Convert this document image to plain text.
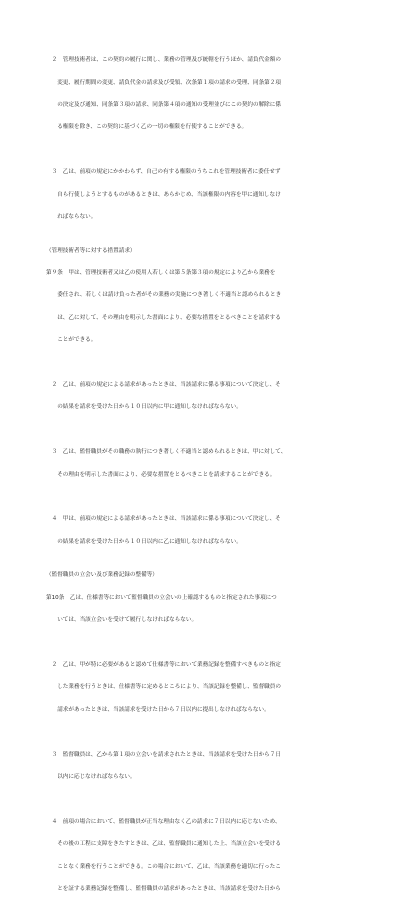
　２　管理技術者は、この契約の履行に関し、業務の管理及び統轄を行うほか、請負代金額の

　　変更、履行期間の変更、請負代金の請求及び受領、次条第１項の請求の受理、同条第２項

　　の決定及び通知、同条第３項の請求、同条第４項の通知の受理並びにこの契約の解除に係

　　る権限を除き、この契約に基づく乙の一切の権限を行使することができる。

　３　乙は、前項の規定にかかわらず、自己の有する権限のうちこれを管理技術者に委任せず

　　自ら行使しようとするものがあるときは、あらかじめ、当該権限の内容を甲に通知しなけ

　　ればならない。

（管理技術者等に対する措置請求）

第９条　甲は、管理技術者又は乙の使用人若しくは第５条第３項の規定により乙から業務を

　　委任され、若しくは請け負った者がその業務の実施につき著しく不適当と認められるとき

　　は、乙に対して、その理由を明示した書面により、必要な措置をとるべきことを請求する

　　ことができる。

　２　乙は、前項の規定による請求があったときは、当該請求に係る事項について決定し、そ

　　の結果を請求を受けた日から１０日以内に甲に通知しなければならない。

　３　乙は、監督職員がその職務の執行につき著しく不適当と認められるときは、甲に対して、

　　その理由を明示した書面により、必要な措置をとるべきことを請求することができる。

　４　甲は、前項の規定による請求があったときは、当該請求に係る事項について決定し、そ

　　の結果を請求を受けた日から１０日以内に乙に通知しなければならない。

（監督職員の立会い及び業務記録の整備等）

第10条　乙は、仕様書等において監督職員の立会いの上確認するものと指定された事項につ

　　いては、当該立会いを受けて履行しなければならない。

　２　乙は、甲が特に必要があると認めて仕様書等において業務記録を整備すべきものと指定

　　した業務を行うときは、仕様書等に定めるところにより、当該記録を整備し、監督職員の

　　請求があったときは、当該請求を受けた日から７日以内に提出しなければならない。

　３　監督職員は、乙から第１項の立会いを請求されたときは、当該請求を受けた日から７日

　　以内に応じなければならない。

　４　前項の場合において、監督職員が正当な理由なく乙の請求に７日以内に応じないため、

　　その後の工程に支障をきたすときは、乙は、監督職員に通知した上、当該立会いを受ける

　　ことなく業務を行うことができる。この場合において、乙は、当該業務を適切に行ったこ

　　とを証する業務記録を整備し、監督職員の請求があったときは、当該請求を受けた日から
